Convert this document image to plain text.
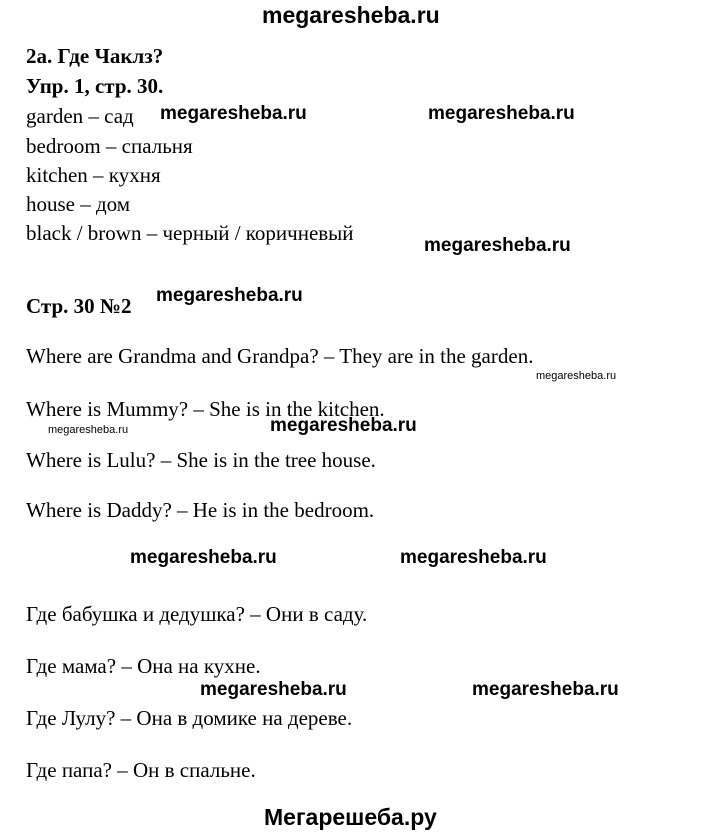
megaresheba.ru
2а. Где Чаклз?
Упр. 1, стр. 30.
garden – сад
bedroom – спальня
kitchen – кухня
house – дом
black / brown – черный / коричневый
Стр. 30 №2
Where are Grandma and Grandpa? – They are in the garden.
Where is Mummy? – She is in the kitchen.
Where is Lulu? – She is in the tree house.
Where is Daddy? – He is in the bedroom.
Где бабушка и дедушка? – Они в саду.
Где мама? – Она на кухне.
Где Лулу? – Она в домике на дереве.
Где папа? – Он в спальне.
megaresheba.ru	megaresheba.ru
megaresheba.ru
megaresheba.ru
megaresheba.ru
megaresheba.ru	megaresheba.ru
megaresheba.ru	megaresheba.ru
megaresheba.ru	megaresheba.ru
Мегарешеба.ру
